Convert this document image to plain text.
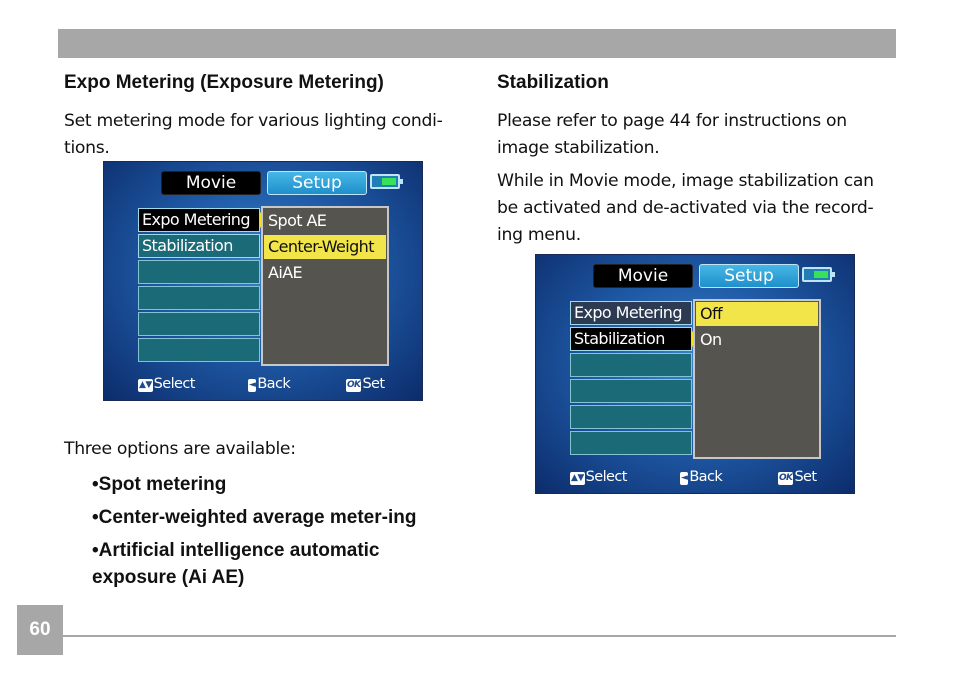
Expo Metering (Exposure Metering)

Set metering mode for various lighting condi-tions.

Three options are available:

•Spot metering
•Center-weighted average meter-ing
•Artificial intelligence automatic exposure (Ai AE)
Stabilization

Please refer to page 44 for instructions on image stabilization.

While in Movie mode, image stabilization can be activated and de-activated via the record-ing menu.

Movie	Setup
Expo Metering
Stabilization
Spot AE
Center-Weight
AiAE
▲▼ Select	◄ Back	OK Set
Movie	Setup
Expo Metering
Stabilization
Off
On
▲▼ Select	◄ Back	OK Set
60
